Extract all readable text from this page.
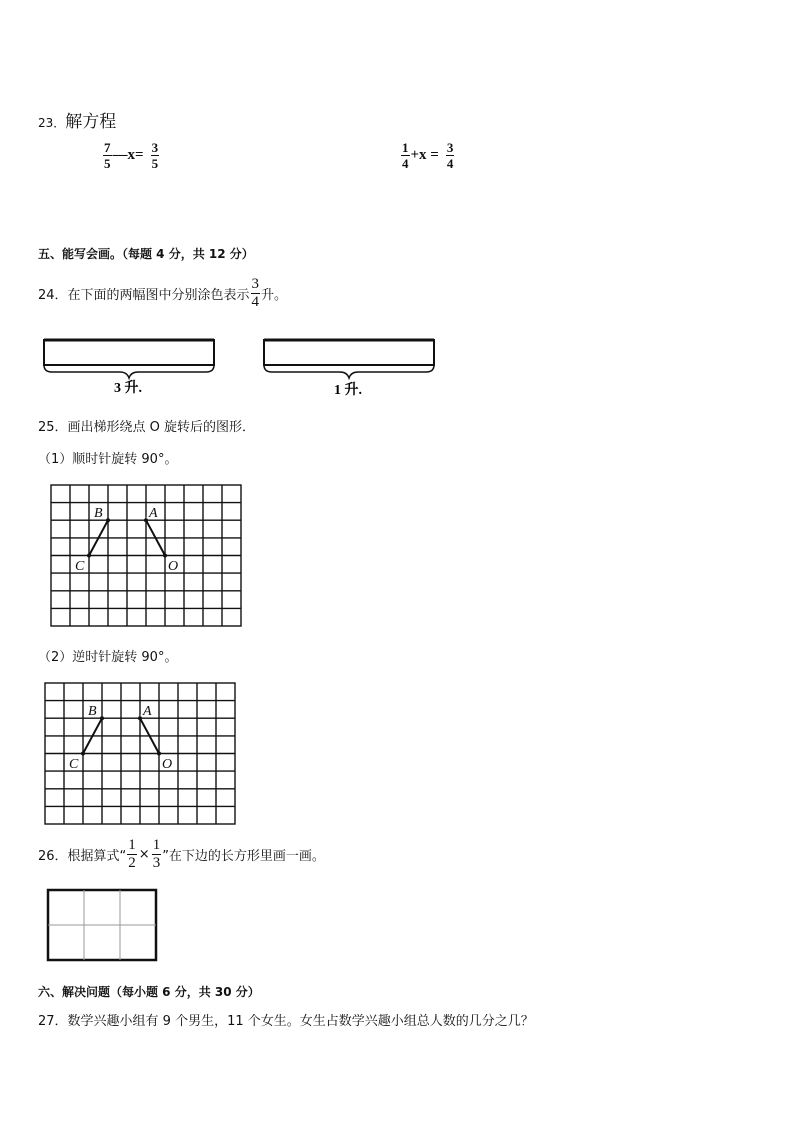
23．解方程
$\frac{7}{5}$ —x= $\frac{3}{5}$	$\frac{1}{4} +x = \frac{3}{4}$
五、能写会画。（每题 4 分，共 12 分）
24．在下面的两幅图中分别涂色表示 $\frac{3}{4}$ 升。
3 升.	1 升.
25．画出梯形绕点 O 旋转后的图形．
（1）顺时针旋转 90°。
B	A
C	O
（2）逆时针旋转 90°。
B	A
C	O
26．根据算式“ $\frac{1}{2} \times \frac{1}{3}$ ”在下边的长方形里画一画。
六、解决问题（每小题 6 分，共 30 分）
27．数学兴趣小组有 9 个男生，11 个女生。女生占数学兴趣小组总人数的几分之几？
